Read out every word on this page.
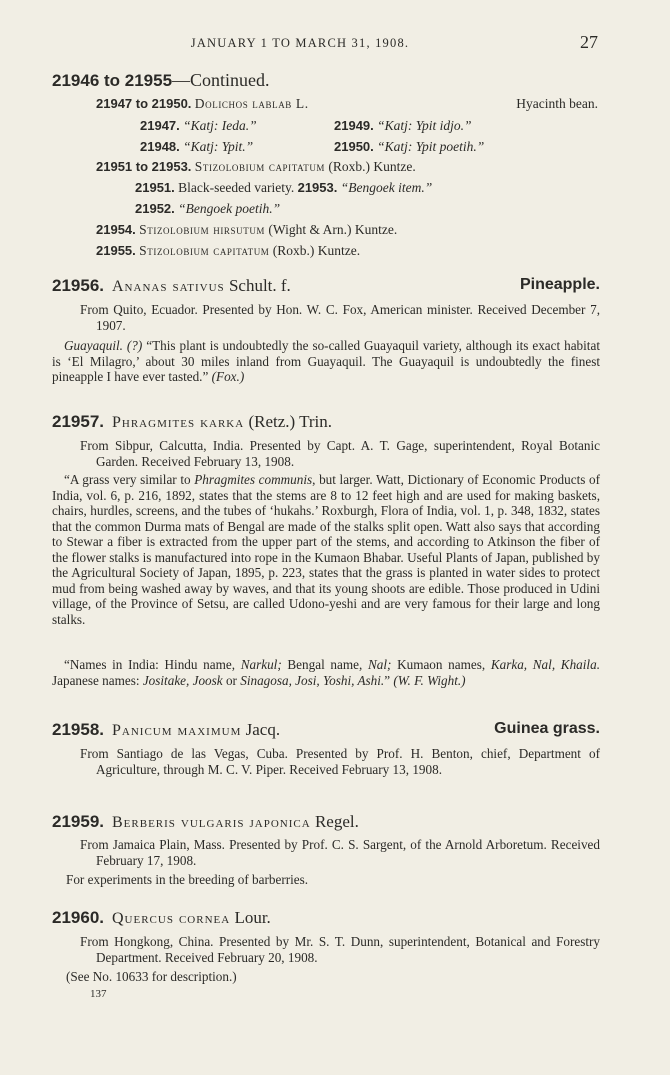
JANUARY 1 TO MARCH 31, 1908.	27
21946 to 21955—Continued.
21947 to 21950. Dolichos lablab L.	Hyacinth bean.
21947. “Katj: Ieda.”	21949. “Katj: Ypit idjo.”
21948. “Katj: Ypit.”	21950. “Katj: Ypit poetih.”
21951 to 21953. Stizolobium capitatum (Roxb.) Kuntze.
21951. Black-seeded variety. 21953. “Bengoek item.”
21952. “Bengoek poetih.”
21954. Stizolobium hirsutum (Wight & Arn.) Kuntze.
21955. Stizolobium capitatum (Roxb.) Kuntze.
21956. Ananas sativus Schult. f.	Pineapple.
From Quito, Ecuador. Presented by Hon. W. C. Fox, American minister. Received December 7, 1907.
Guayaquil. (?) “This plant is undoubtedly the so-called Guayaquil variety, although its exact habitat is ‘El Milagro,’ about 30 miles inland from Guayaquil. The Guayaquil is undoubtedly the finest pineapple I have ever tasted.” (Fox.)
21957. Phragmites karka (Retz.) Trin.
From Sibpur, Calcutta, India. Presented by Capt. A. T. Gage, superintendent, Royal Botanic Garden. Received February 13, 1908.
“A grass very similar to Phragmites communis, but larger. Watt, Dictionary of Economic Products of India, vol. 6, p. 216, 1892, states that the stems are 8 to 12 feet high and are used for making baskets, chairs, hurdles, screens, and the tubes of ‘hukahs.’ Roxburgh, Flora of India, vol. 1, p. 348, 1832, states that the common Durma mats of Bengal are made of the stalks split open. Watt also says that according to Stewar a fiber is extracted from the upper part of the stems, and according to Atkinson the fiber of the flower stalks is manufactured into rope in the Kumaon Bhabar. Useful Plants of Japan, published by the Agricultural Society of Japan, 1895, p. 223, states that the grass is planted in water sides to protect mud from being washed away by waves, and that its young shoots are edible. Those produced in Udini village, of the Province of Setsu, are called Udono-yeshi and are very famous for their large and long stalks.
“Names in India: Hindu name, Narkul; Bengal name, Nal; Kumaon names, Karka, Nal, Khaila. Japanese names: Jositake, Joosk or Sinagosa, Josi, Yoshi, Ashi.” (W. F. Wight.)
21958. Panicum maximum Jacq.	Guinea grass.
From Santiago de las Vegas, Cuba. Presented by Prof. H. Benton, chief, Department of Agriculture, through M. C. V. Piper. Received February 13, 1908.
21959. Berberis vulgaris japonica Regel.
From Jamaica Plain, Mass. Presented by Prof. C. S. Sargent, of the Arnold Arboretum. Received February 17, 1908.
For experiments in the breeding of barberries.
21960. Quercus cornea Lour.
From Hongkong, China. Presented by Mr. S. T. Dunn, superintendent, Botanical and Forestry Department. Received February 20, 1908.
(See No. 10633 for description.)
137
